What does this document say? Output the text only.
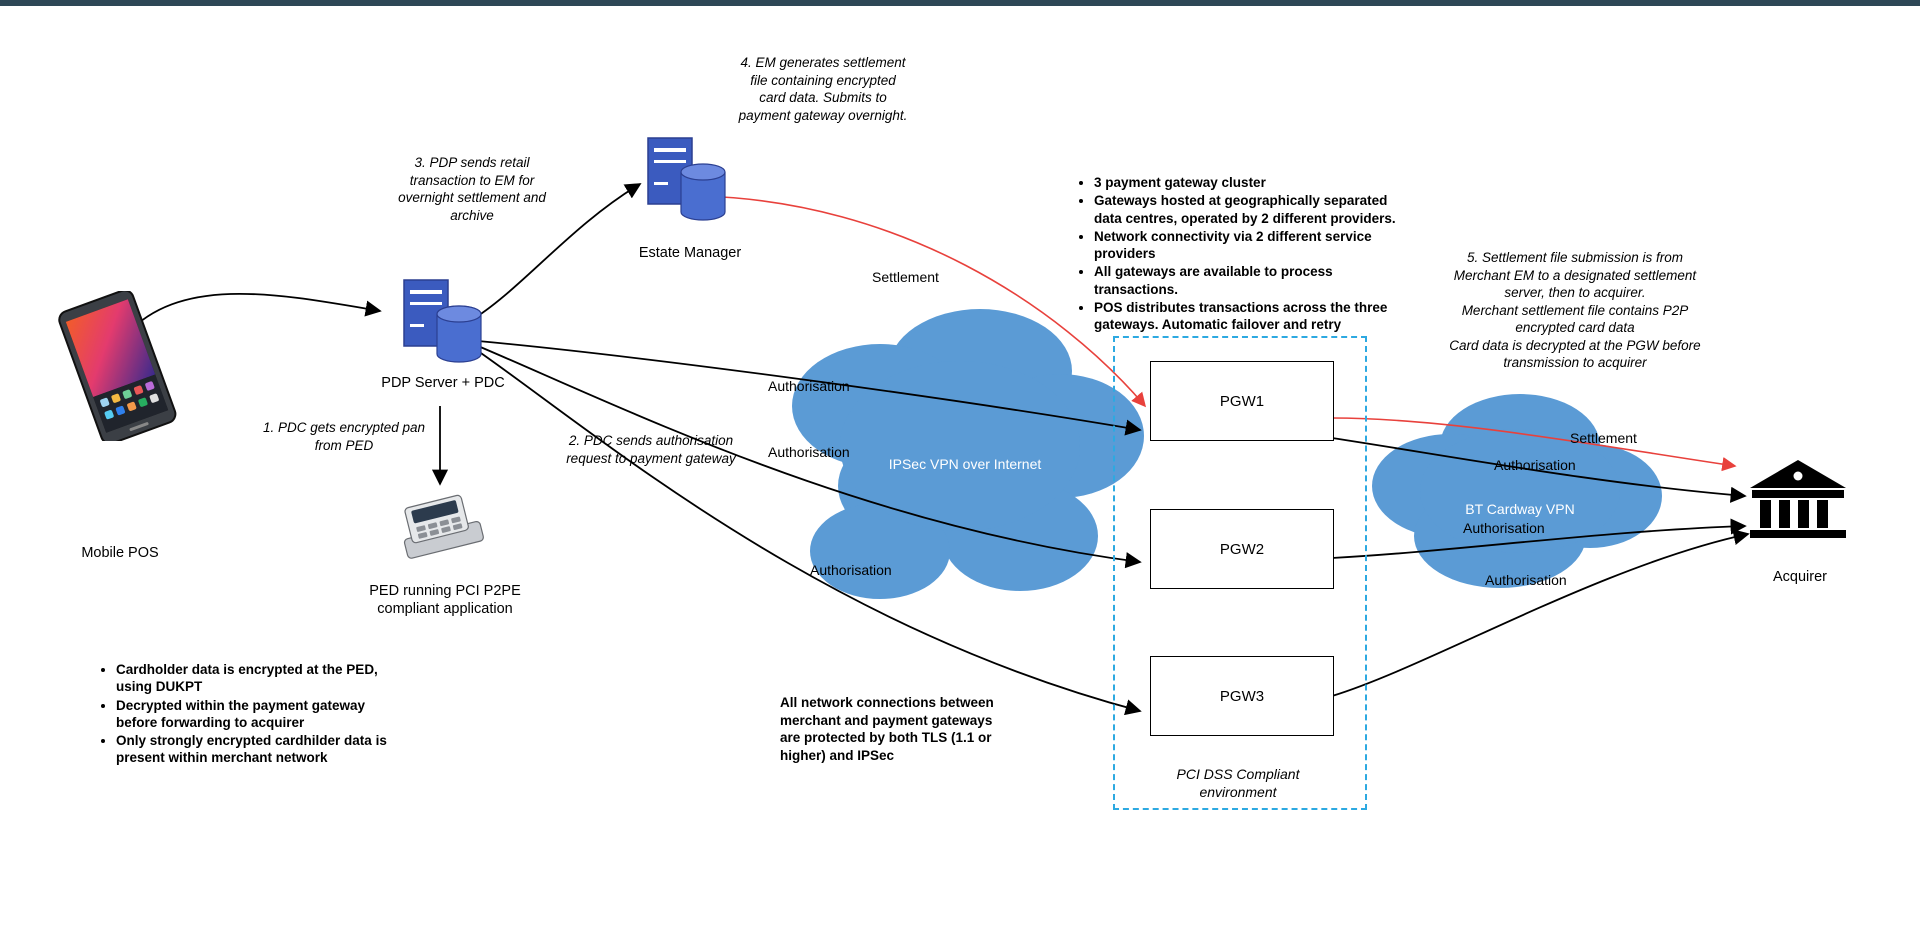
PCI DSS Compliant
environment
PGW1
PGW2
PGW3
IPSec VPN over Internet
BT Cardway VPN
Mobile POS
PDP Server + PDC
Estate Manager
PED running PCI P2PE
compliant application
Acquirer
Settlement
Authorisation
Authorisation
Authorisation
Settlement
Authorisation
Authorisation
Authorisation
3. PDP sends retail
transaction to EM for
overnight settlement and
archive
4. EM generates settlement
file containing encrypted
card data. Submits to
payment gateway overnight.
1. PDC gets encrypted pan
from PED	2. PDC sends authorisation
request to payment gateway
5. Settlement file submission is from
Merchant EM to a designated settlement
server, then to acquirer.
Merchant settlement file contains P2P
encrypted card data
Card data is decrypted at the PGW before
transmission to acquirer
• 3 payment gateway cluster
• Gateways hosted at geographically separated data centres, operated by 2 different providers.
• Network connectivity via 2 different service providers
• All gateways are available to process transactions.
• POS distributes transactions across the three gateways. Automatic failover and retry
• Cardholder data is encrypted at the PED, using DUKPT
• Decrypted within the payment gateway before forwarding to acquirer
• Only strongly encrypted cardhilder data is present within merchant network
All network connections between
merchant and payment gateways
are protected by both TLS (1.1 or
higher) and IPSec
